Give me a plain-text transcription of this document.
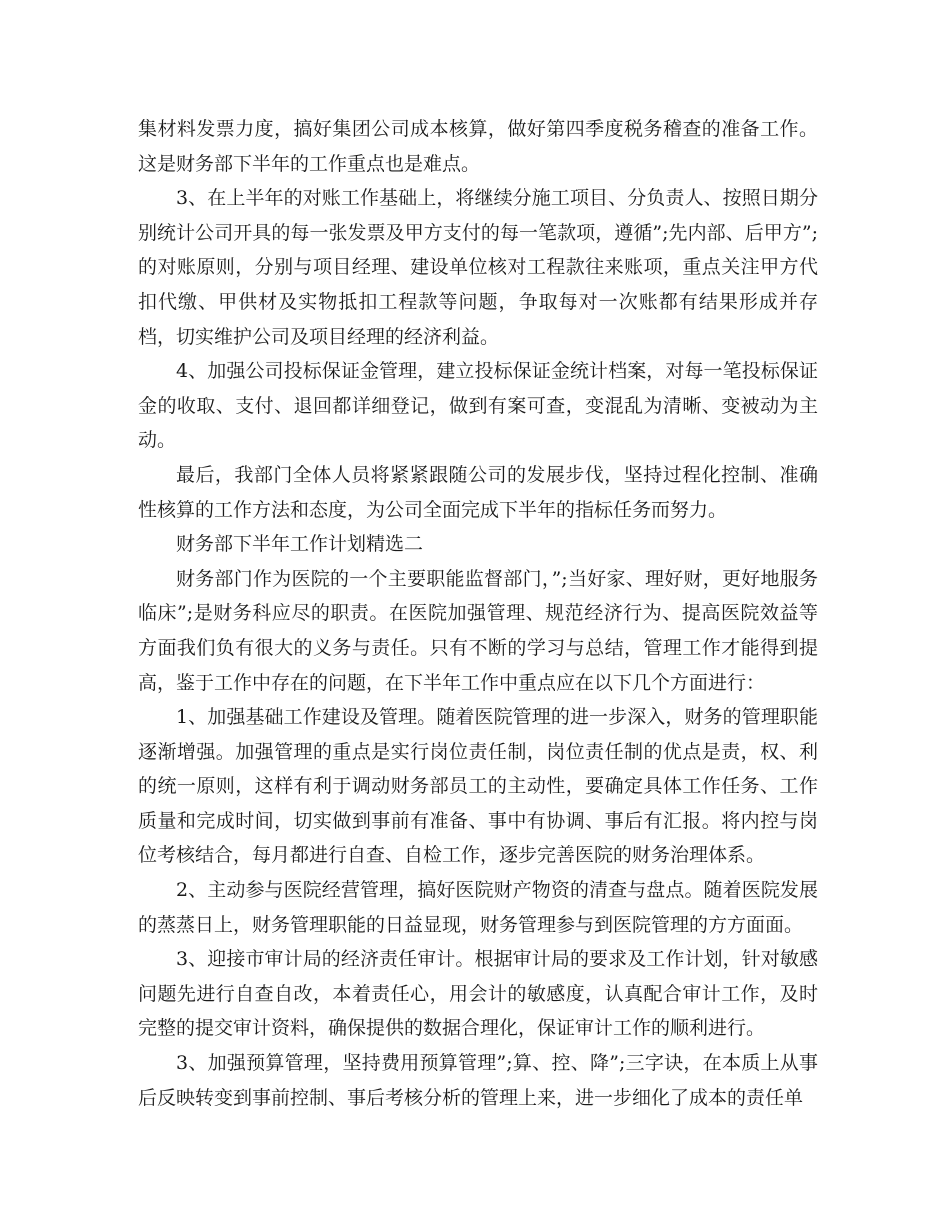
集材料发票力度，搞好集团公司成本核算，做好第四季度税务稽查的准备工作。这是财务部下半年的工作重点也是难点。

3、在上半年的对账工作基础上，将继续分施工项目、分负责人、按照日期分别统计公司开具的每一张发票及甲方支付的每一笔款项，遵循”;先内部、后甲方”; 的对账原则，分别与项目经理、建设单位核对工程款往来账项，重点关注甲方代扣代缴、甲供材及实物抵扣工程款等问题，争取每对一次账都有结果形成并存档，切实维护公司及项目经理的经济利益。

4、加强公司投标保证金管理，建立投标保证金统计档案，对每一笔投标保证金的收取、支付、退回都详细登记，做到有案可查，变混乱为清晰、变被动为主动。

最后，我部门全体人员将紧紧跟随公司的发展步伐，坚持过程化控制、准确性核算的工作方法和态度，为公司全面完成下半年的指标任务而努力。

财务部下半年工作计划精选二

财务部门作为医院的一个主要职能监督部门，”;当好家、理好财，更好地服务临床”;是财务科应尽的职责。在医院加强管理、规范经济行为、提高医院效益等方面我们负有很大的义务与责任。只有不断的学习与总结，管理工作才能得到提高，鉴于工作中存在的问题，在下半年工作中重点应在以下几个方面进行：

1、加强基础工作建设及管理。随着医院管理的进一步深入，财务的管理职能逐渐增强。加强管理的重点是实行岗位责任制，岗位责任制的优点是责，权、利的统一原则，这样有利于调动财务部员工的主动性，要确定具体工作任务、工作质量和完成时间，切实做到事前有准备、事中有协调、事后有汇报。将内控与岗位考核结合，每月都进行自查、自检工作，逐步完善医院的财务治理体系。

2、主动参与医院经营管理，搞好医院财产物资的清查与盘点。随着医院发展的蒸蒸日上，财务管理职能的日益显现，财务管理参与到医院管理的方方面面。

3、迎接市审计局的经济责任审计。根据审计局的要求及工作计划，针对敏感问题先进行自查自改，本着责任心，用会计的敏感度，认真配合审计工作，及时完整的提交审计资料，确保提供的数据合理化，保证审计工作的顺利进行。

3、加强预算管理，坚持费用预算管理”;算、控、降”;三字诀，在本质上从事后反映转变到事前控制、事后考核分析的管理上来，进一步细化了成本的责任单
